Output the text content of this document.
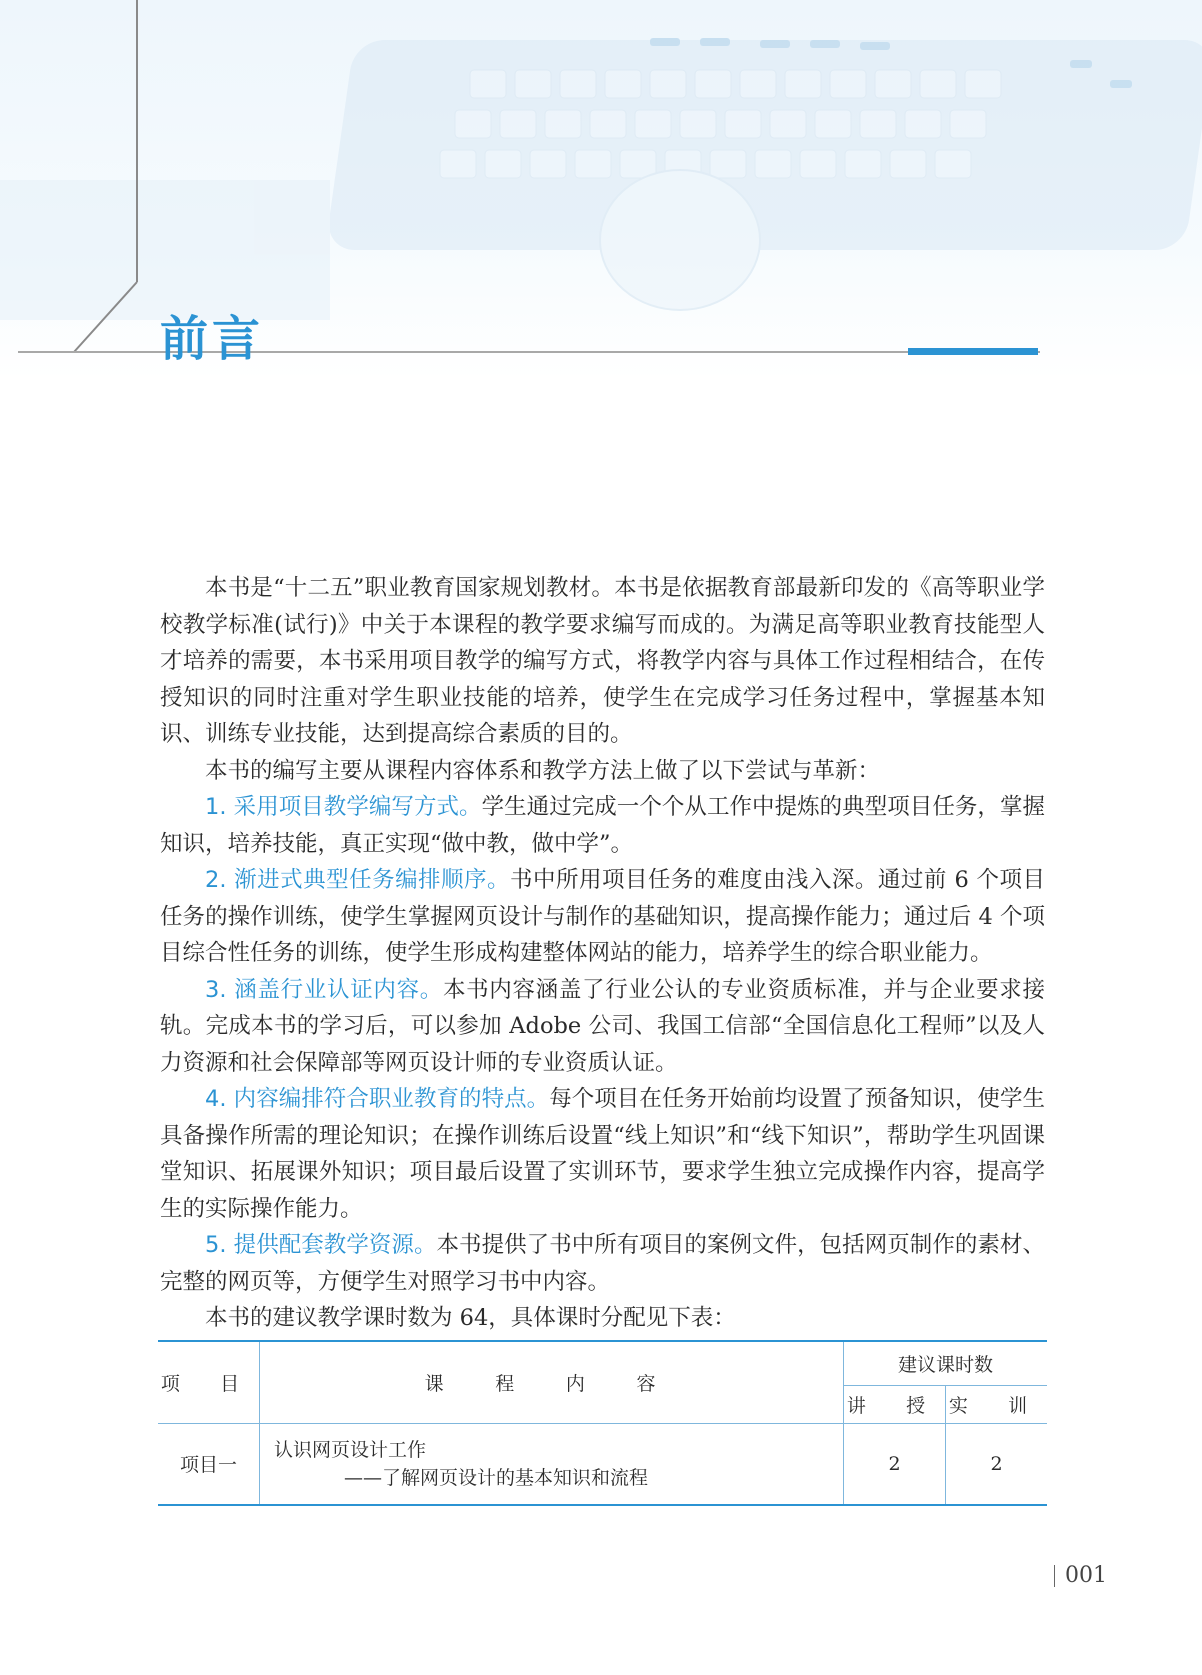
前言

本书是“十二五”职业教育国家规划教材。本书是依据教育部最新印发的《高等职业学校教学标准(试行)》中关于本课程的教学要求编写而成的。为满足高等职业教育技能型人才培养的需要，本书采用项目教学的编写方式，将教学内容与具体工作过程相结合，在传授知识的同时注重对学生职业技能的培养，使学生在完成学习任务过程中，掌握基本知识、训练专业技能，达到提高综合素质的目的。

本书的编写主要从课程内容体系和教学方法上做了以下尝试与革新：

1. 采用项目教学编写方式。学生通过完成一个个从工作中提炼的典型项目任务，掌握知识，培养技能，真正实现“做中教，做中学”。

2. 渐进式典型任务编排顺序。书中所用项目任务的难度由浅入深。通过前 6 个项目任务的操作训练，使学生掌握网页设计与制作的基础知识，提高操作能力；通过后 4 个项目综合性任务的训练，使学生形成构建整体网站的能力，培养学生的综合职业能力。

3. 涵盖行业认证内容。本书内容涵盖了行业公认的专业资质标准，并与企业要求接轨。完成本书的学习后，可以参加 Adobe 公司、我国工信部“全国信息化工程师”以及人力资源和社会保障部等网页设计师的专业资质认证。

4. 内容编排符合职业教育的特点。每个项目在任务开始前均设置了预备知识，使学生具备操作所需的理论知识；在操作训练后设置“线上知识”和“线下知识”，帮助学生巩固课堂知识、拓展课外知识；项目最后设置了实训环节，要求学生独立完成操作内容，提高学生的实际操作能力。

5. 提供配套教学资源。本书提供了书中所有项目的案例文件，包括网页制作的素材、完整的网页等，方便学生对照学习书中内容。

本书的建议教学课时数为 64，具体课时分配见下表：

项 目	课 程 内 容	建议课时数	
		讲 授	实 训
项目一	认识网页设计工作
——了解网页设计的基本知识和流程	2	2
001
